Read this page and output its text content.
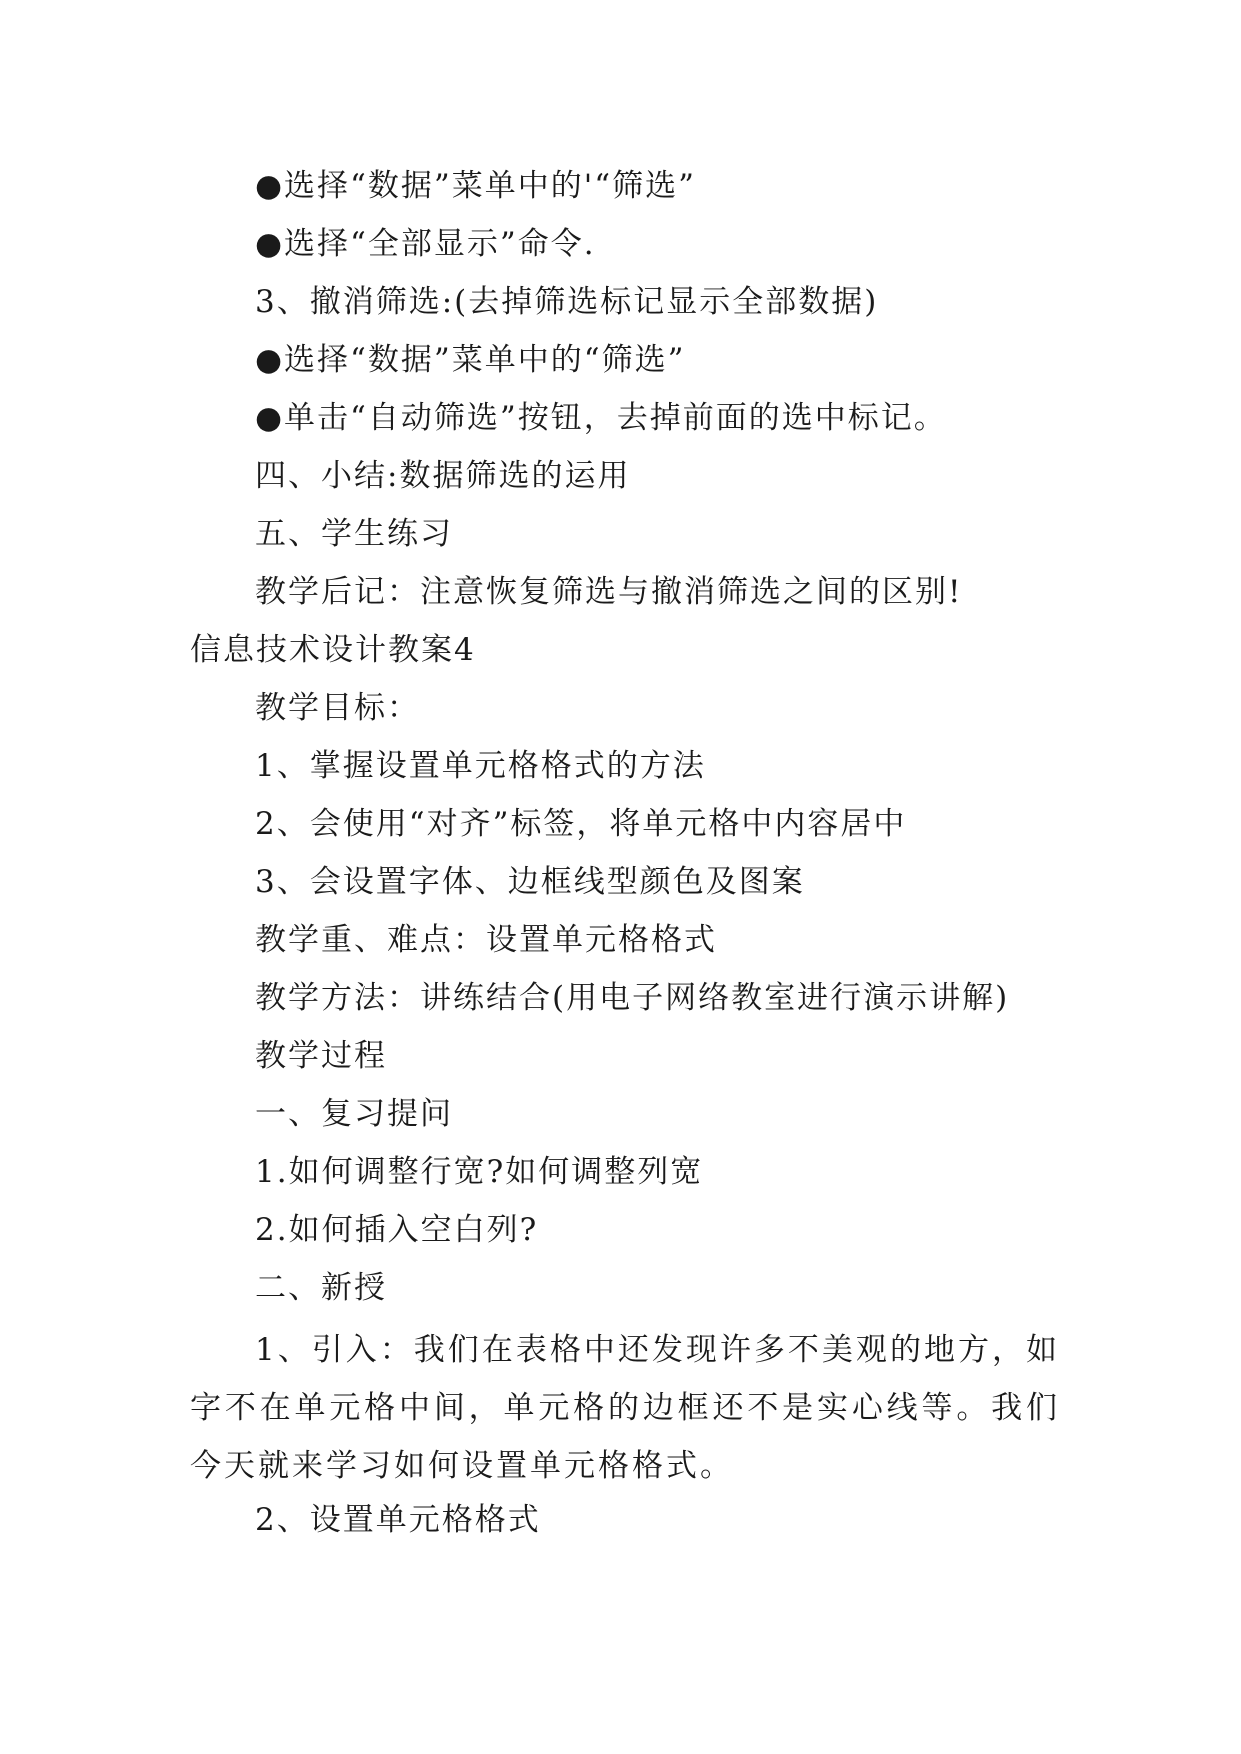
●选择“数据”菜单中的'“筛选”
●选择“全部显示”命令.
3、撤消筛选:(去掉筛选标记显示全部数据)
●选择“数据”菜单中的“筛选”
●单击“自动筛选”按钮，去掉前面的选中标记。
四、小结:数据筛选的运用
五、学生练习
教学后记：注意恢复筛选与撤消筛选之间的区别!
信息技术设计教案4
教学目标：
1、掌握设置单元格格式的方法
2、会使用“对齐”标签，将单元格中内容居中
3、会设置字体、边框线型颜色及图案
教学重、难点：设置单元格格式
教学方法：讲练结合(用电子网络教室进行演示讲解)
教学过程
一、复习提问
1.如何调整行宽?如何调整列宽
2.如何插入空白列?
二、新授
1、引入：我们在表格中还发现许多不美观的地方，如字不在单元格中间，单元格的边框还不是实心线等。我们今天就来学习如何设置单元格格式。
2、设置单元格格式
